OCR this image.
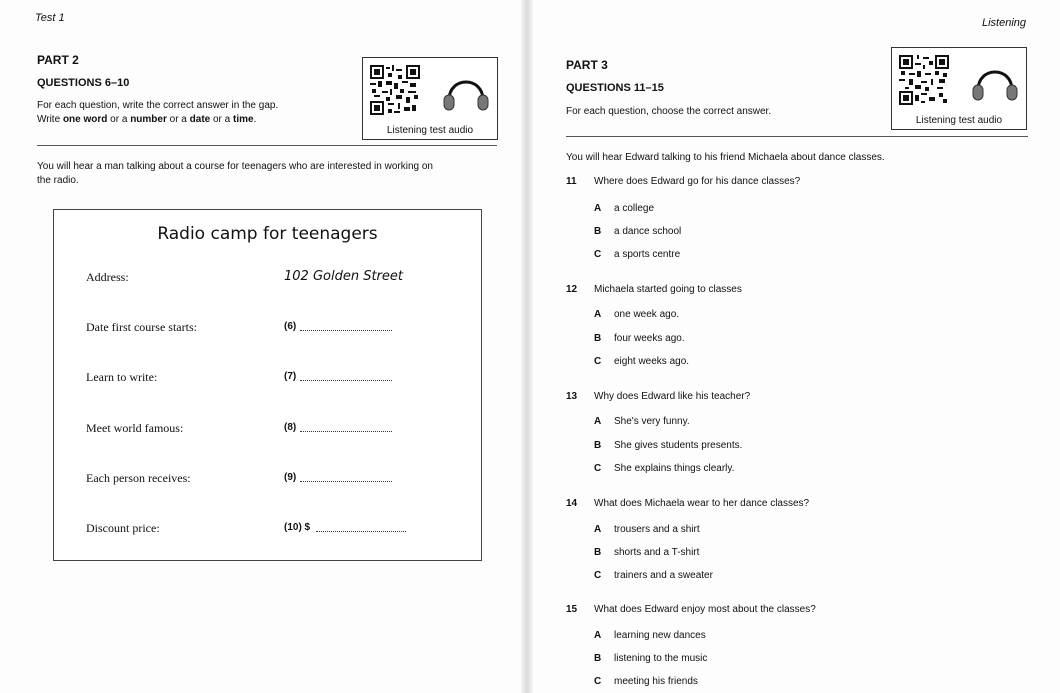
Test 1
PART 2
QUESTIONS 6–10
For each question, write the correct answer in the gap.
Write one word or a number or a date or a time.
Listening test audio
You will hear a man talking about a course for teenagers who are interested in working on
the radio.
Radio camp for teenagers
Address:	102 Golden Street
Date first course starts:	(6)
Learn to write:	(7)
Meet world famous:	(8)
Each person receives:	(9)
Discount price:	(10) $
Listening
PART 3
QUESTIONS 11–15
For each question, choose the correct answer.
Listening test audio
You will hear Edward talking to his friend Michaela about dance classes.
11 Where does Edward go for his dance classes?
A a college
B a dance school
C a sports centre
12 Michaela started going to classes
A one week ago.
B four weeks ago.
C eight weeks ago.
13 Why does Edward like his teacher?
A She's very funny.
B She gives students presents.
C She explains things clearly.
14 What does Michaela wear to her dance classes?
A trousers and a shirt
B shorts and a T-shirt
C trainers and a sweater
15 What does Edward enjoy most about the classes?
A learning new dances
B listening to the music
C meeting his friends
